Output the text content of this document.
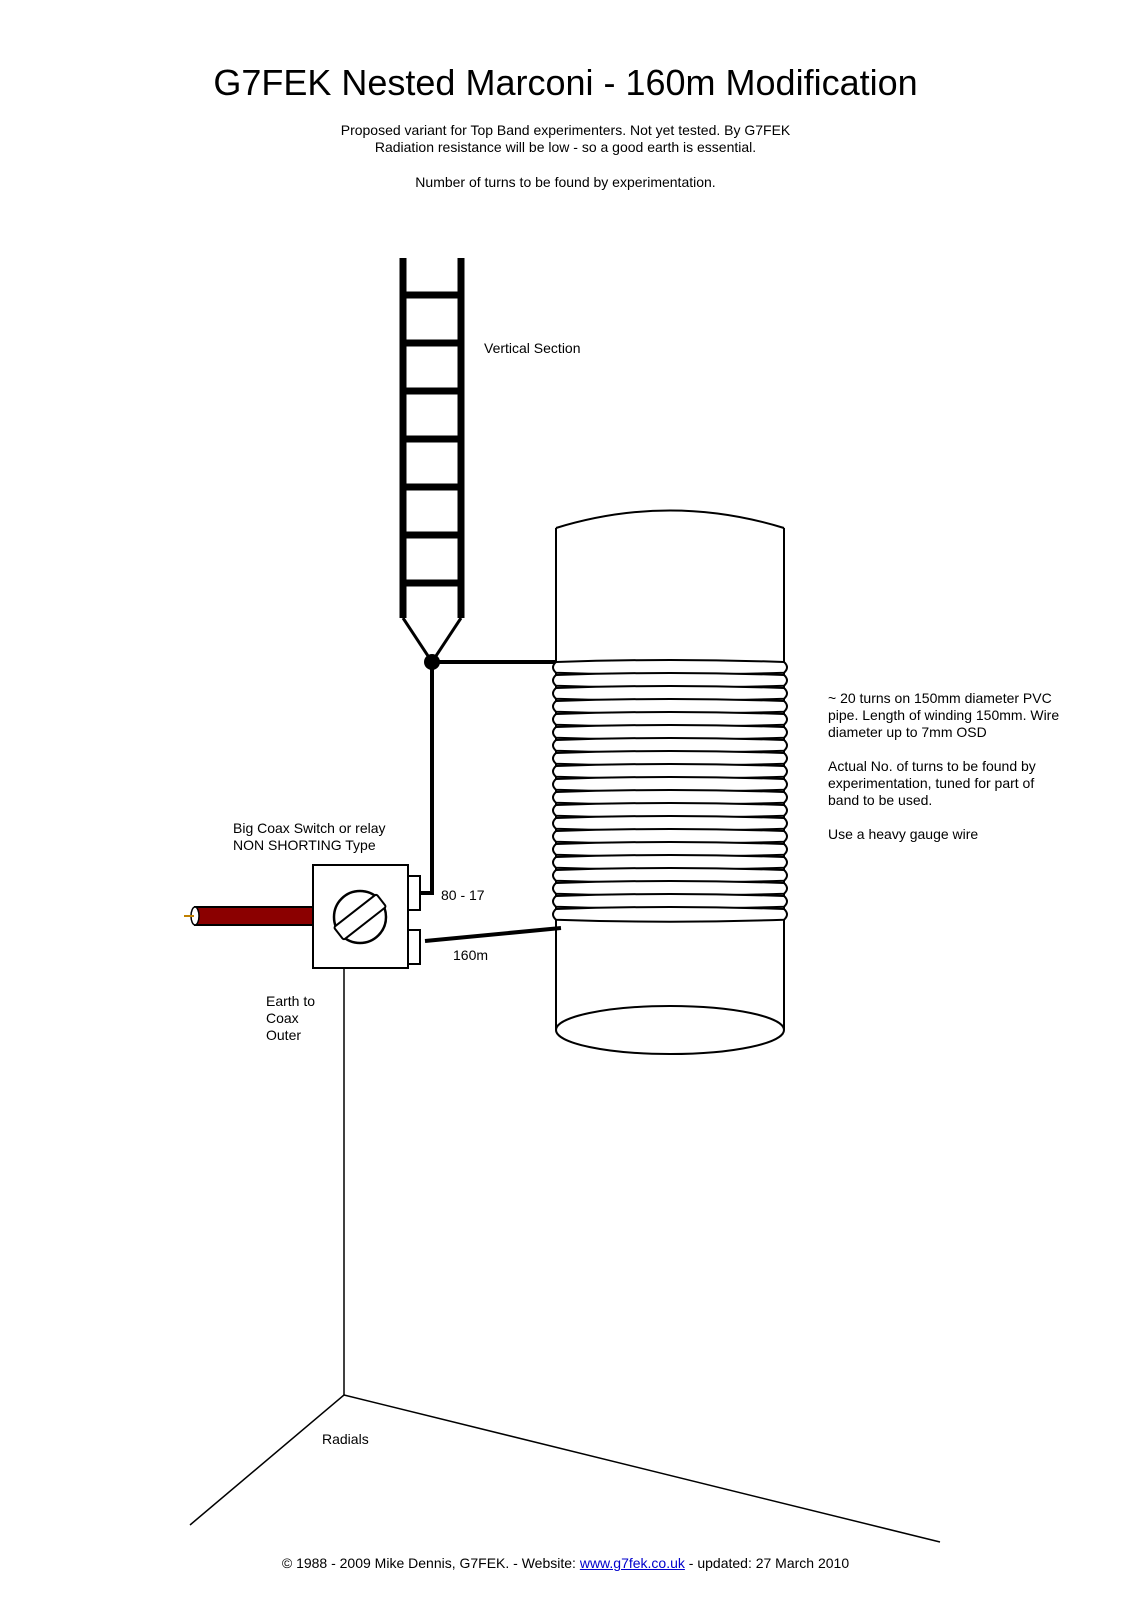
G7FEK Nested Marconi - 160m Modification
Proposed variant for Top Band experimenters. Not yet tested. By G7FEK
Radiation resistance will be low - so a good earth is essential.
Number of turns to be found by experimentation.
Vertical Section
Big Coax Switch or relay
NON SHORTING Type
80 - 17
160m
Earth to
Coax
Outer
Radials

~ 20 turns on 150mm diameter PVC pipe. Length of winding 150mm. Wire diameter up to 7mm OSD

Actual No. of turns to be found by experimentation, tuned for part of band to be used.

Use a heavy gauge wire

© 1988 - 2009 Mike Dennis, G7FEK. - Website: www.g7fek.co.uk - updated: 27 March 2010
